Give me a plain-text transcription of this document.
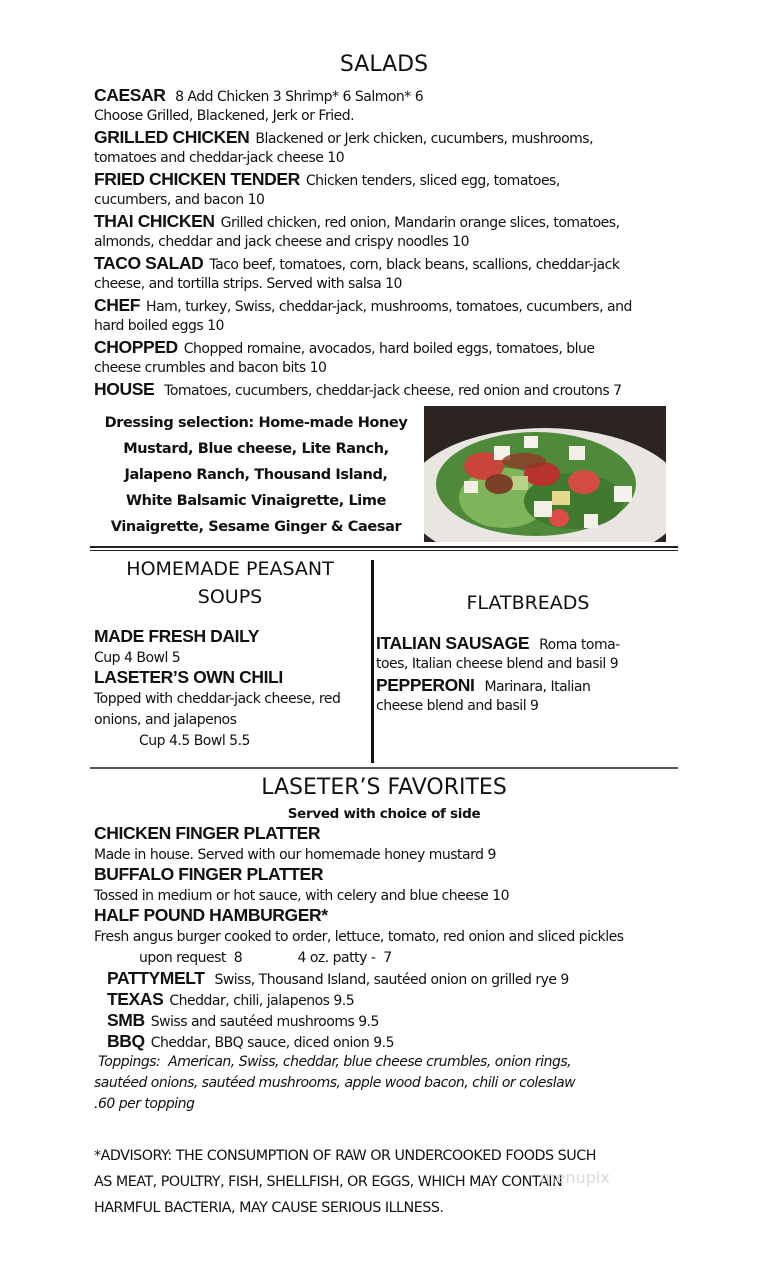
SALADS
CAESAR 8 Add Chicken 3 Shrimp* 6 Salmon* 6
Choose Grilled, Blackened, Jerk or Fried.
GRILLED CHICKEN Blackened or Jerk chicken, cucumbers, mushrooms,
tomatoes and cheddar-jack cheese 10
FRIED CHICKEN TENDER Chicken tenders, sliced egg, tomatoes,
cucumbers, and bacon 10
THAI CHICKEN Grilled chicken, red onion, Mandarin orange slices, tomatoes,
almonds, cheddar and jack cheese and crispy noodles 10
TACO SALAD Taco beef, tomatoes, corn, black beans, scallions, cheddar-jack
cheese, and tortilla strips. Served with salsa 10
CHEF Ham, turkey, Swiss, cheddar-jack, mushrooms, tomatoes, cucumbers, and
hard boiled eggs 10
CHOPPED Chopped romaine, avocados, hard boiled eggs, tomatoes, blue
cheese crumbles and bacon bits 10
HOUSE Tomatoes, cucumbers, cheddar-jack cheese, red onion and croutons 7
Dressing selection: Home-made Honey
Mustard, Blue cheese, Lite Ranch,
Jalapeno Ranch, Thousand Island,
White Balsamic Vinaigrette, Lime
Vinaigrette, Sesame Ginger & Caesar
HOMEMADE PEASANT
SOUPS
MADE FRESH DAILY
Cup 4 Bowl 5
LASETER’S OWN CHILI
Topped with cheddar-jack cheese, red
onions, and jalapenos
Cup 4.5 Bowl 5.5
FLATBREADS
ITALIAN SAUSAGE Roma toma-
toes, Italian cheese blend and basil 9
PEPPERONI Marinara, Italian
cheese blend and basil 9
LASETER’S FAVORITES
Served with choice of side
CHICKEN FINGER PLATTER
Made in house. Served with our homemade honey mustard 9
BUFFALO FINGER PLATTER
Tossed in medium or hot sauce, with celery and blue cheese 10
HALF POUND HAMBURGER*
Fresh angus burger cooked to order, lettuce, tomato, red onion and sliced pickles
upon request  8              4 oz. patty -  7
PATTYMELT Swiss, Thousand Island, sautéed onion on grilled rye 9
TEXAS Cheddar, chili, jalapenos 9.5
SMB Swiss and sautéed mushrooms 9.5
BBQ Cheddar, BBQ sauce, diced onion 9.5
Toppings:  American, Swiss, cheddar, blue cheese crumbles, onion rings,
sautéed onions, sautéed mushrooms, apple wood bacon, chili or coleslaw
.60 per topping
*ADVISORY: THE CONSUMPTION OF RAW OR UNDERCOOKED FOODS SUCH
AS MEAT, POULTRY, FISH, SHELLFISH, OR EGGS, WHICH MAY CONTAIN
HARMFUL BACTERIA, MAY CAUSE SERIOUS ILLNESS.
menupix
